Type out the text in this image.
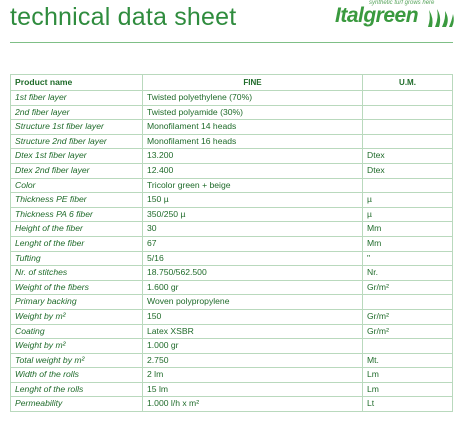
technical data sheet	synthetic turf grows here
Italgreen
Product name	FINE	U.M.
1st fiber layer	Twisted polyethylene (70%)	
2nd fiber layer	Twisted polyamide (30%)	
Structure 1st fiber layer	Monofilament 14 heads	
Structure 2nd fiber layer	Monofilament 16 heads	
Dtex 1st fiber layer	13.200	Dtex
Dtex 2nd fiber layer	12.400	Dtex
Color	Tricolor green + beige	
Thickness PE fiber	150 µ	µ
Thickness PA 6 fiber	350/250 µ	µ
Height of the fiber	30	Mm
Lenght of the fiber	67	Mm
Tufting	5/16	"
Nr. of stitches	18.750/562.500	Nr.
Weight of the fibers	1.600 gr	Gr/m²
Primary backing	Woven polypropylene	
Weight by m²	150	Gr/m²
Coating	Latex XSBR	Gr/m²
Weight by m²	1.000 gr	
Total weight by m²	2.750	Mt.
Width of the rolls	2 lm	Lm
Lenght of the rolls	15 lm	Lm
Permeability	1.000 l/h x m²	Lt
